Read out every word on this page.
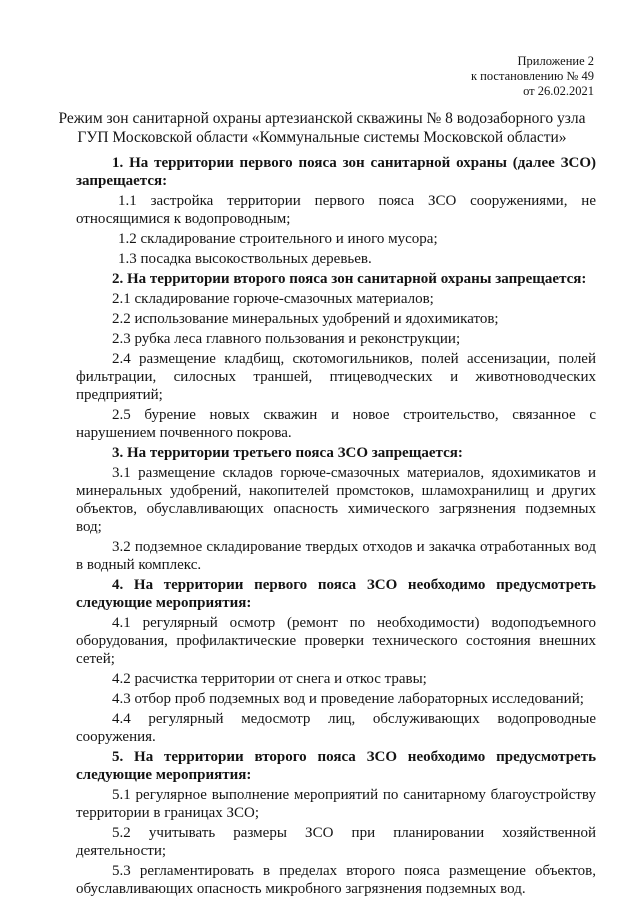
Приложение 2
к постановлению № 49
от 26.02.2021
Режим зон санитарной охраны артезианской скважины № 8 водозаборного узла
ГУП Московской области «Коммунальные системы Московской области»

1. На территории первого пояса зон санитарной охраны (далее ЗСО) запрещается:

1.1 застройка территории первого пояса ЗСО сооружениями, не относящимися к водопроводным;

1.2 складирование строительного и иного мусора;

1.3 посадка высокоствольных деревьев.

2. На территории второго пояса зон санитарной охраны запрещается:

2.1 складирование горюче-смазочных материалов;

2.2 использование минеральных удобрений и ядохимикатов;

2.3 рубка леса главного пользования и реконструкции;

2.4 размещение кладбищ, скотомогильников, полей ассенизации, полей фильтрации, силосных траншей, птицеводческих и животноводческих предприятий;

2.5 бурение новых скважин и новое строительство, связанное с нарушением почвенного покрова.

3. На территории третьего пояса ЗСО запрещается:

3.1 размещение складов горюче-смазочных материалов, ядохимикатов и минеральных удобрений, накопителей промстоков, шламохранилищ и других объектов, обуславливающих опасность химического загрязнения подземных вод;

3.2 подземное складирование твердых отходов и закачка отработанных вод в водный комплекс.

4. На территории первого пояса ЗСО необходимо предусмотреть следующие мероприятия:

4.1 регулярный осмотр (ремонт по необходимости) водоподъемного оборудования, профилактические проверки технического состояния внешних сетей;

4.2 расчистка территории от снега и откос травы;

4.3 отбор проб подземных вод и проведение лабораторных исследований;

4.4 регулярный медосмотр лиц, обслуживающих водопроводные сооружения.

5. На территории второго пояса ЗСО необходимо предусмотреть следующие мероприятия:

5.1 регулярное выполнение мероприятий по санитарному благоустройству территории в границах ЗСО;

5.2 учитывать размеры ЗСО при планировании хозяйственной деятельности;

5.3 регламентировать в пределах второго пояса размещение объектов, обуславливающих опасность микробного загрязнения подземных вод.
